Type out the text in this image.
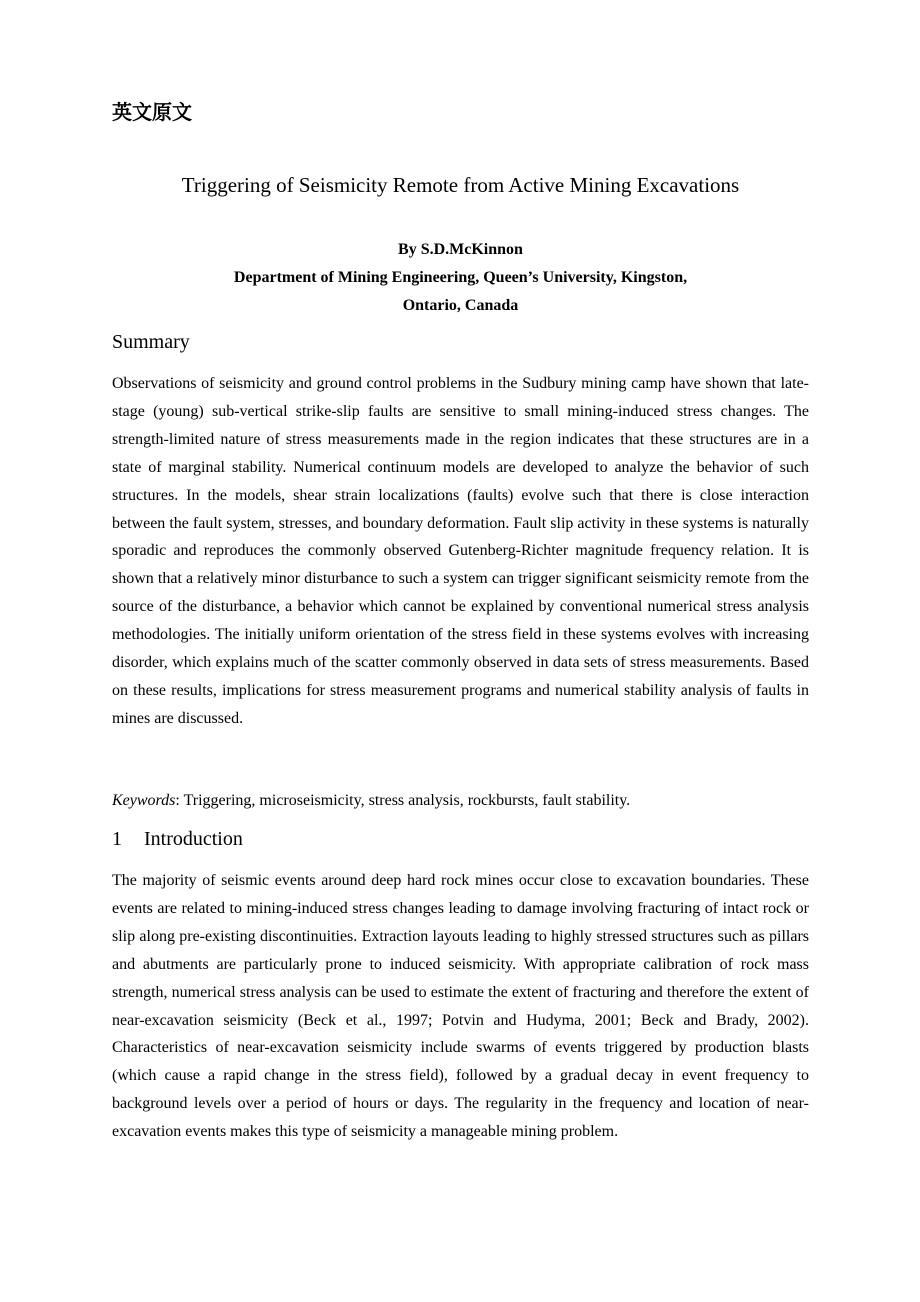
英文原文
Triggering of Seismicity Remote from Active Mining Excavations
By S.D.McKinnon
Department of Mining Engineering, Queen’s University, Kingston,
Ontario, Canada
Summary

Observations of seismicity and ground control problems in the Sudbury mining camp have shown that late-stage (young) sub-vertical strike-slip faults are sensitive to small mining-induced stress changes. The strength-limited nature of stress measurements made in the region indicates that these structures are in a state of marginal stability. Numerical continuum models are developed to analyze the behavior of such structures. In the models, shear strain localizations (faults) evolve such that there is close interaction between the fault system, stresses, and boundary deformation. Fault slip activity in these systems is naturally sporadic and reproduces the commonly observed Gutenberg-Richter magnitude frequency relation. It is shown that a relatively minor disturbance to such a system can trigger significant seismicity remote from the source of the disturbance, a behavior which cannot be explained by conventional numerical stress analysis methodologies. The initially uniform orientation of the stress field in these systems evolves with increasing disorder, which explains much of the scatter commonly observed in data sets of stress measurements. Based on these results, implications for stress measurement programs and numerical stability analysis of faults in mines are discussed.

Keywords: Triggering, microseismicity, stress analysis, rockbursts, fault stability.

1 Introduction

The majority of seismic events around deep hard rock mines occur close to excavation boundaries. These events are related to mining-induced stress changes leading to damage involving fracturing of intact rock or slip along pre-existing discontinuities. Extraction layouts leading to highly stressed structures such as pillars and abutments are particularly prone to induced seismicity. With appropriate calibration of rock mass strength, numerical stress analysis can be used to estimate the extent of fracturing and therefore the extent of near-excavation seismicity (Beck et al., 1997; Potvin and Hudyma, 2001; Beck and Brady, 2002). Characteristics of near-excavation seismicity include swarms of events triggered by production blasts (which cause a rapid change in the stress field), followed by a gradual decay in event frequency to background levels over a period of hours or days. The regularity in the frequency and location of near-excavation events makes this type of seismicity a manageable mining problem.
